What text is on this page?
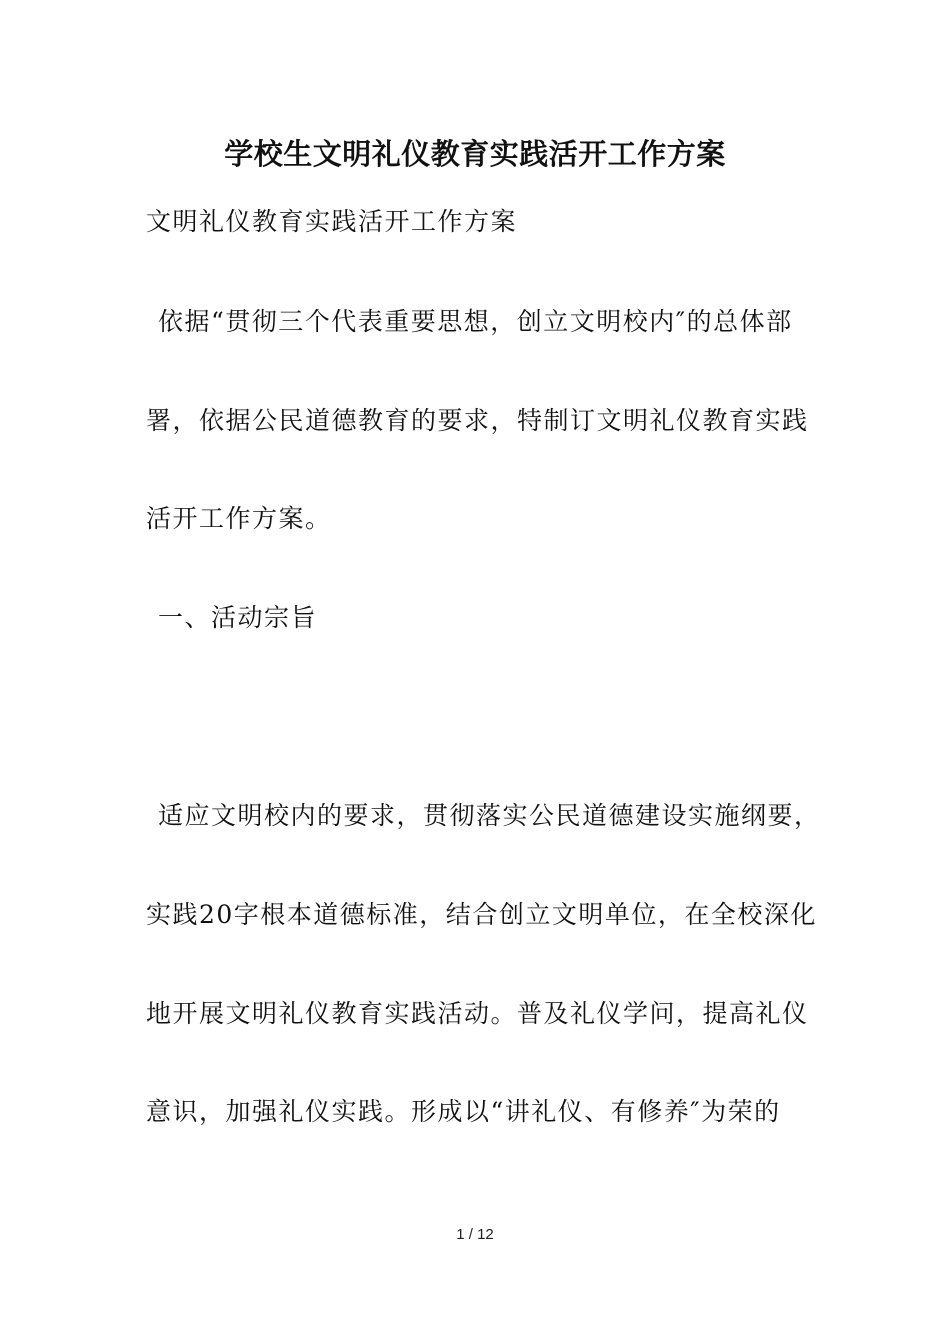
学校生文明礼仪教育实践活开工作方案

文明礼仪教育实践活开工作方案

依据“贯彻三个代表重要思想，创立文明校内″的总体部

署，依据公民道德教育的要求，特制订文明礼仪教育实践

活开工作方案。

一、活动宗旨

适应文明校内的要求，贯彻落实公民道德建设实施纲要，

实践20字根本道德标准，结合创立文明单位，在全校深化

地开展文明礼仪教育实践活动。普及礼仪学问，提高礼仪

意识，加强礼仪实践。形成以“讲礼仪、有修养″为荣的

1 / 12
